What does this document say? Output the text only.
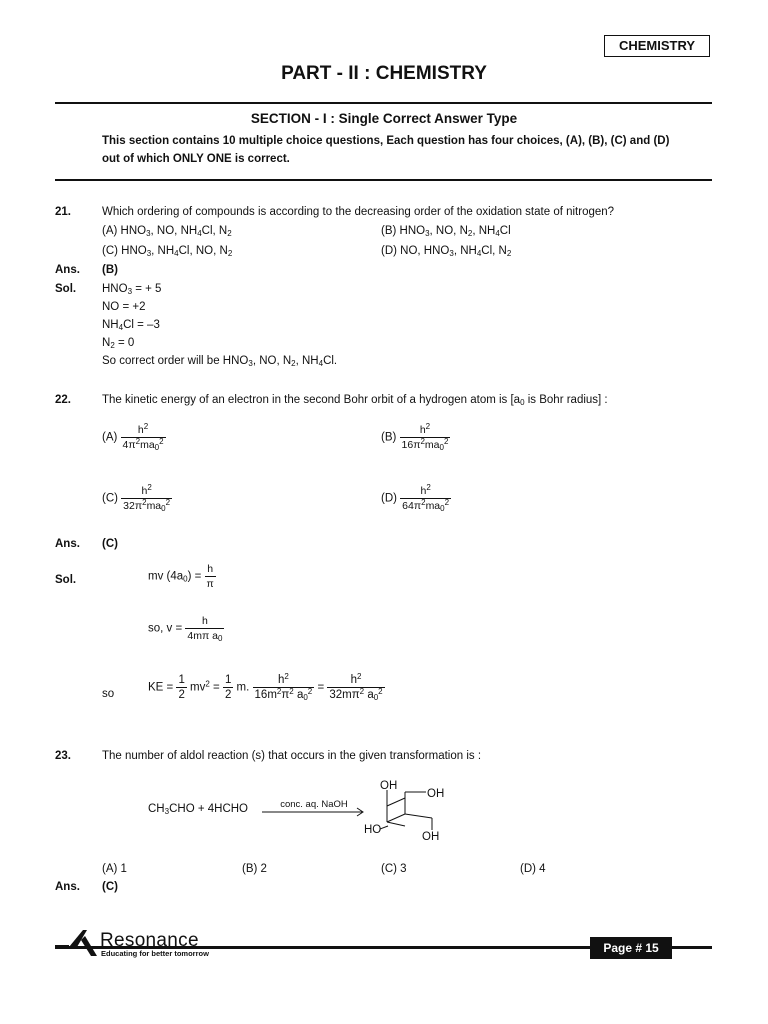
CHEMISTRY
PART - II : CHEMISTRY
SECTION - I : Single Correct Answer Type
This section contains 10 multiple choice questions, Each question has four choices, (A), (B), (C) and (D)
out of which ONLY ONE is correct.
21.	Which ordering of compounds is according to the decreasing order of the oxidation state of nitrogen?
(A) $HNO_3$, NO, $NH_4Cl$, $N_2$	(B) $HNO_3$, NO, $N_2$, $NH_4Cl$
(C) $HNO_3$, $NH_4Cl$, NO, $N_2$	(D) NO, $HNO_3$, $NH_4Cl$, $N_2$
Ans. (B)
Sol. $HNO_3$ = + 5
NO = +2
$NH_4Cl = -3$
$N_2 = 0$
So correct order will be $HNO_3$, NO, $N_2$, $NH_4Cl$.
22.	The kinetic energy of an electron in the second Bohr orbit of a hydrogen atom is [$a_0$ is Bohr radius] :
$(A) \frac{h^2}{4\pi^2ma_0^2}$	$(B) \frac{h^2}{16\pi^2ma_0^2}$
$(C) \frac{h^2}{32\pi^2ma_0^2}$	$(D) \frac{h^2}{64\pi^2ma_0^2}$
Ans. (C)
Sol.	mv $(4a_0) = \frac{h}{\pi}$
so, $v = \frac{h}{4m\pi a_0}$
so
KE = $\frac{1}{2} mv^2 = \frac{1}{2} m$. $\frac{h^2}{16m^2\pi^2 a_0^2} = \frac{h^2}{32m\pi^2 a_0^2}$
23.	The number of aldol reaction (s) that occurs in the given transformation is :
$CH_3CHO$ + 4HCHO	conc. aq. NaOH
OH
OH
HO
OH
(A) 1	(B) 2	(C) 3	(D) 4
Ans. (C)
Resonance
Educating for better tomorrow	Page # 15
